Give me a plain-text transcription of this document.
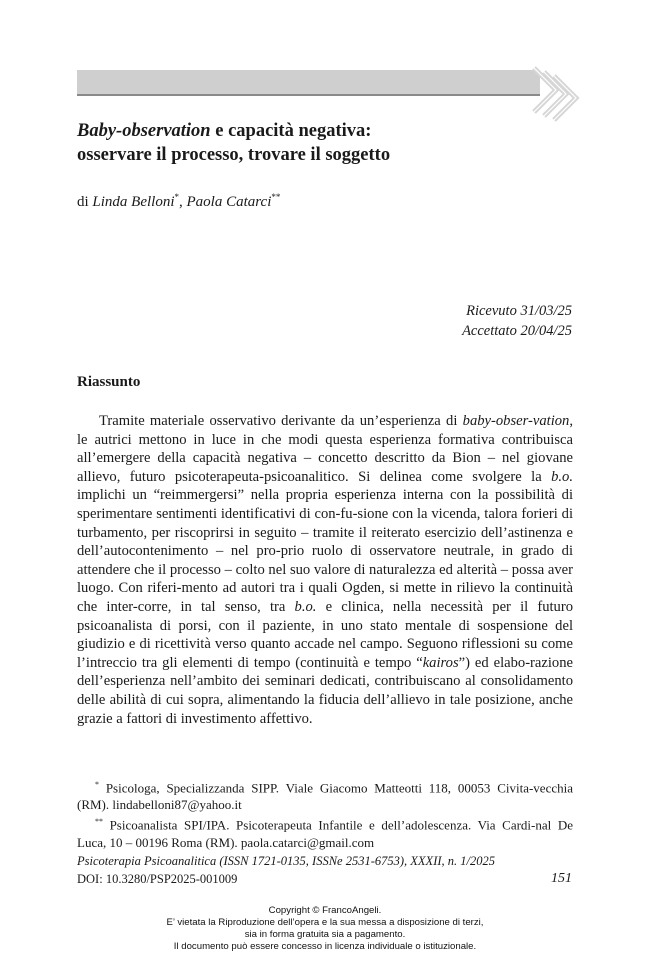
Baby-observation e capacità negativa:
osservare il processo, trovare il soggetto

di Linda Belloni*, Paola Catarci**

Ricevuto 31/03/25
Accettato 20/04/25
Riassunto

Tramite materiale osservativo derivante da un’esperienza di baby-obser-vation, le autrici mettono in luce in che modi questa esperienza formativa contribuisca all’emergere della capacità negativa – concetto descritto da Bion – nel giovane allievo, futuro psicoterapeuta-psicoanalitico. Si delinea come svolgere la b.o. implichi un “reimmergersi” nella propria esperienza interna con la possibilità di sperimentare sentimenti identificativi di con-fu-sione con la vicenda, talora forieri di turbamento, per riscoprirsi in seguito – tramite il reiterato esercizio dell’astinenza e dell’autocontenimento – nel pro-prio ruolo di osservatore neutrale, in grado di attendere che il processo – colto nel suo valore di naturalezza ed alterità – possa aver luogo. Con riferi-mento ad autori tra i quali Ogden, si mette in rilievo la continuità che inter-corre, in tal senso, tra b.o. e clinica, nella necessità per il futuro psicoanalista di porsi, con il paziente, in uno stato mentale di sospensione del giudizio e di ricettività verso quanto accade nel campo. Seguono riflessioni su come l’intreccio tra gli elementi di tempo (continuità e tempo “kairos”) ed elabo-razione dell’esperienza nell’ambito dei seminari dedicati, contribuiscano al consolidamento delle abilità di cui sopra, alimentando la fiducia dell’allievo in tale posizione, anche grazie a fattori di investimento affettivo.

* Psicologa, Specializzanda SIPP. Viale Giacomo Matteotti 118, 00053 Civita-vecchia (RM). lindabelloni87@yahoo.it

** Psicoanalista SPI/IPA. Psicoterapeuta Infantile e dell’adolescenza. Via Cardi-nal De Luca, 10 – 00196 Roma (RM). paola.catarci@gmail.com

Psicoterapia Psicoanalitica (ISSN 1721-0135, ISSNe 2531-6753), XXXII, n. 1/2025
DOI: 10.3280/PSP2025-001009	151
Copyright © FrancoAngeli.
E’ vietata la Riproduzione dell’opera e la sua messa a disposizione di terzi,
sia in forma gratuita sia a pagamento.
Il documento può essere concesso in licenza individuale o istituzionale.
